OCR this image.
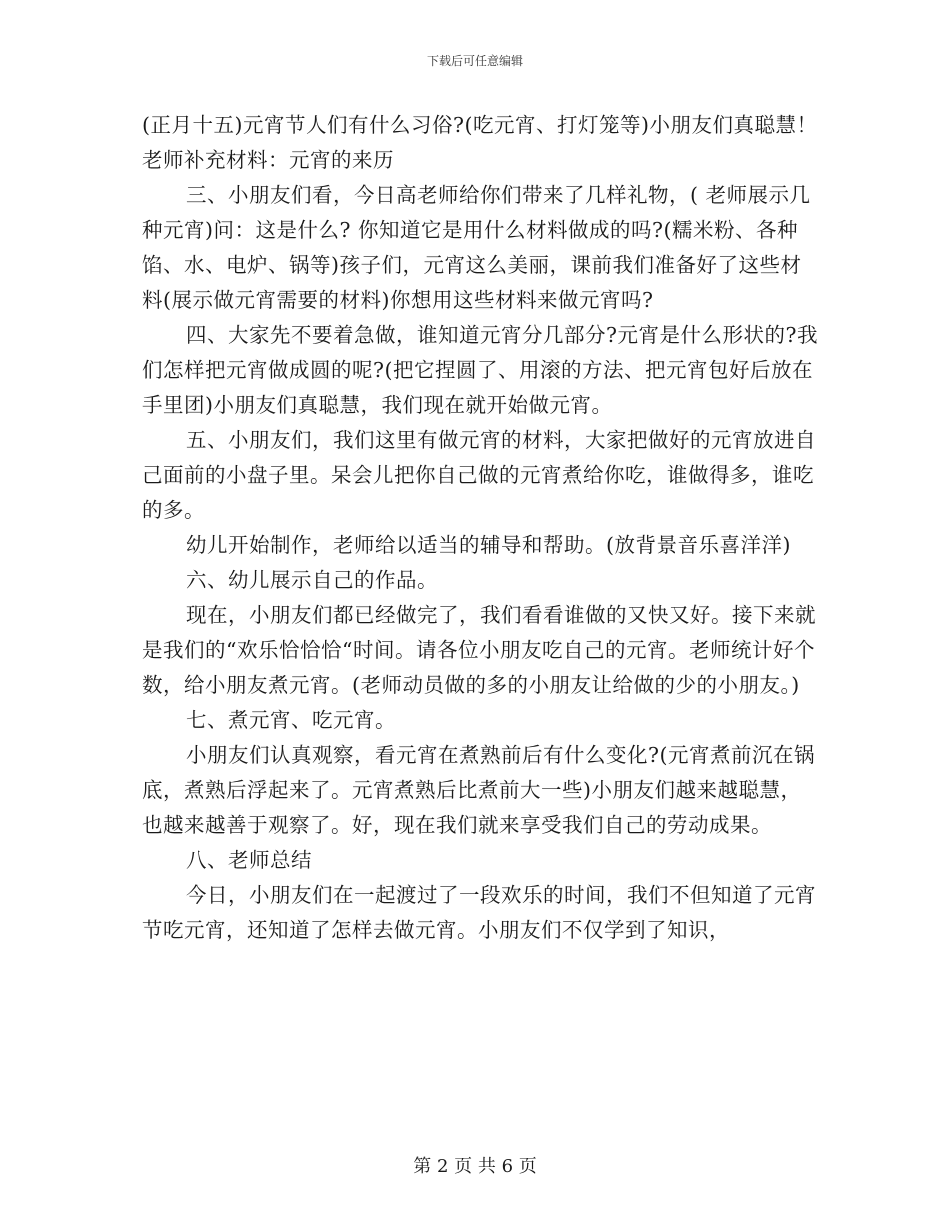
下载后可任意编辑

(正月十五)元宵节人们有什么习俗?(吃元宵、打灯笼等)小朋友们真聪慧！老师补充材料：元宵的来历

三、小朋友们看，今日高老师给你们带来了几样礼物，( 老师展示几种元宵)问：这是什么? 你知道它是用什么材料做成的吗?(糯米粉、各种馅、水、电炉、锅等)孩子们，元宵这么美丽，课前我们准备好了这些材料(展示做元宵需要的材料)你想用这些材料来做元宵吗?

四、大家先不要着急做，谁知道元宵分几部分?元宵是什么形状的?我们怎样把元宵做成圆的呢?(把它捏圆了、用滚的方法、把元宵包好后放在手里团)小朋友们真聪慧，我们现在就开始做元宵。

五、小朋友们，我们这里有做元宵的材料，大家把做好的元宵放进自己面前的小盘子里。呆会儿把你自己做的元宵煮给你吃，谁做得多，谁吃的多。

幼儿开始制作，老师给以适当的辅导和帮助。(放背景音乐喜洋洋)

六、幼儿展示自己的作品。

现在，小朋友们都已经做完了，我们看看谁做的又快又好。接下来就是我们的“欢乐恰恰恰“时间。请各位小朋友吃自己的元宵。老师统计好个数，给小朋友煮元宵。(老师动员做的多的小朋友让给做的少的小朋友。)

七、煮元宵、吃元宵。

小朋友们认真观察，看元宵在煮熟前后有什么变化?(元宵煮前沉在锅底，煮熟后浮起来了。元宵煮熟后比煮前大一些)小朋友们越来越聪慧，也越来越善于观察了。好，现在我们就来享受我们自己的劳动成果。

八、老师总结

今日，小朋友们在一起渡过了一段欢乐的时间，我们不但知道了元宵节吃元宵，还知道了怎样去做元宵。小朋友们不仅学到了知识，

第 2 页 共 6 页
